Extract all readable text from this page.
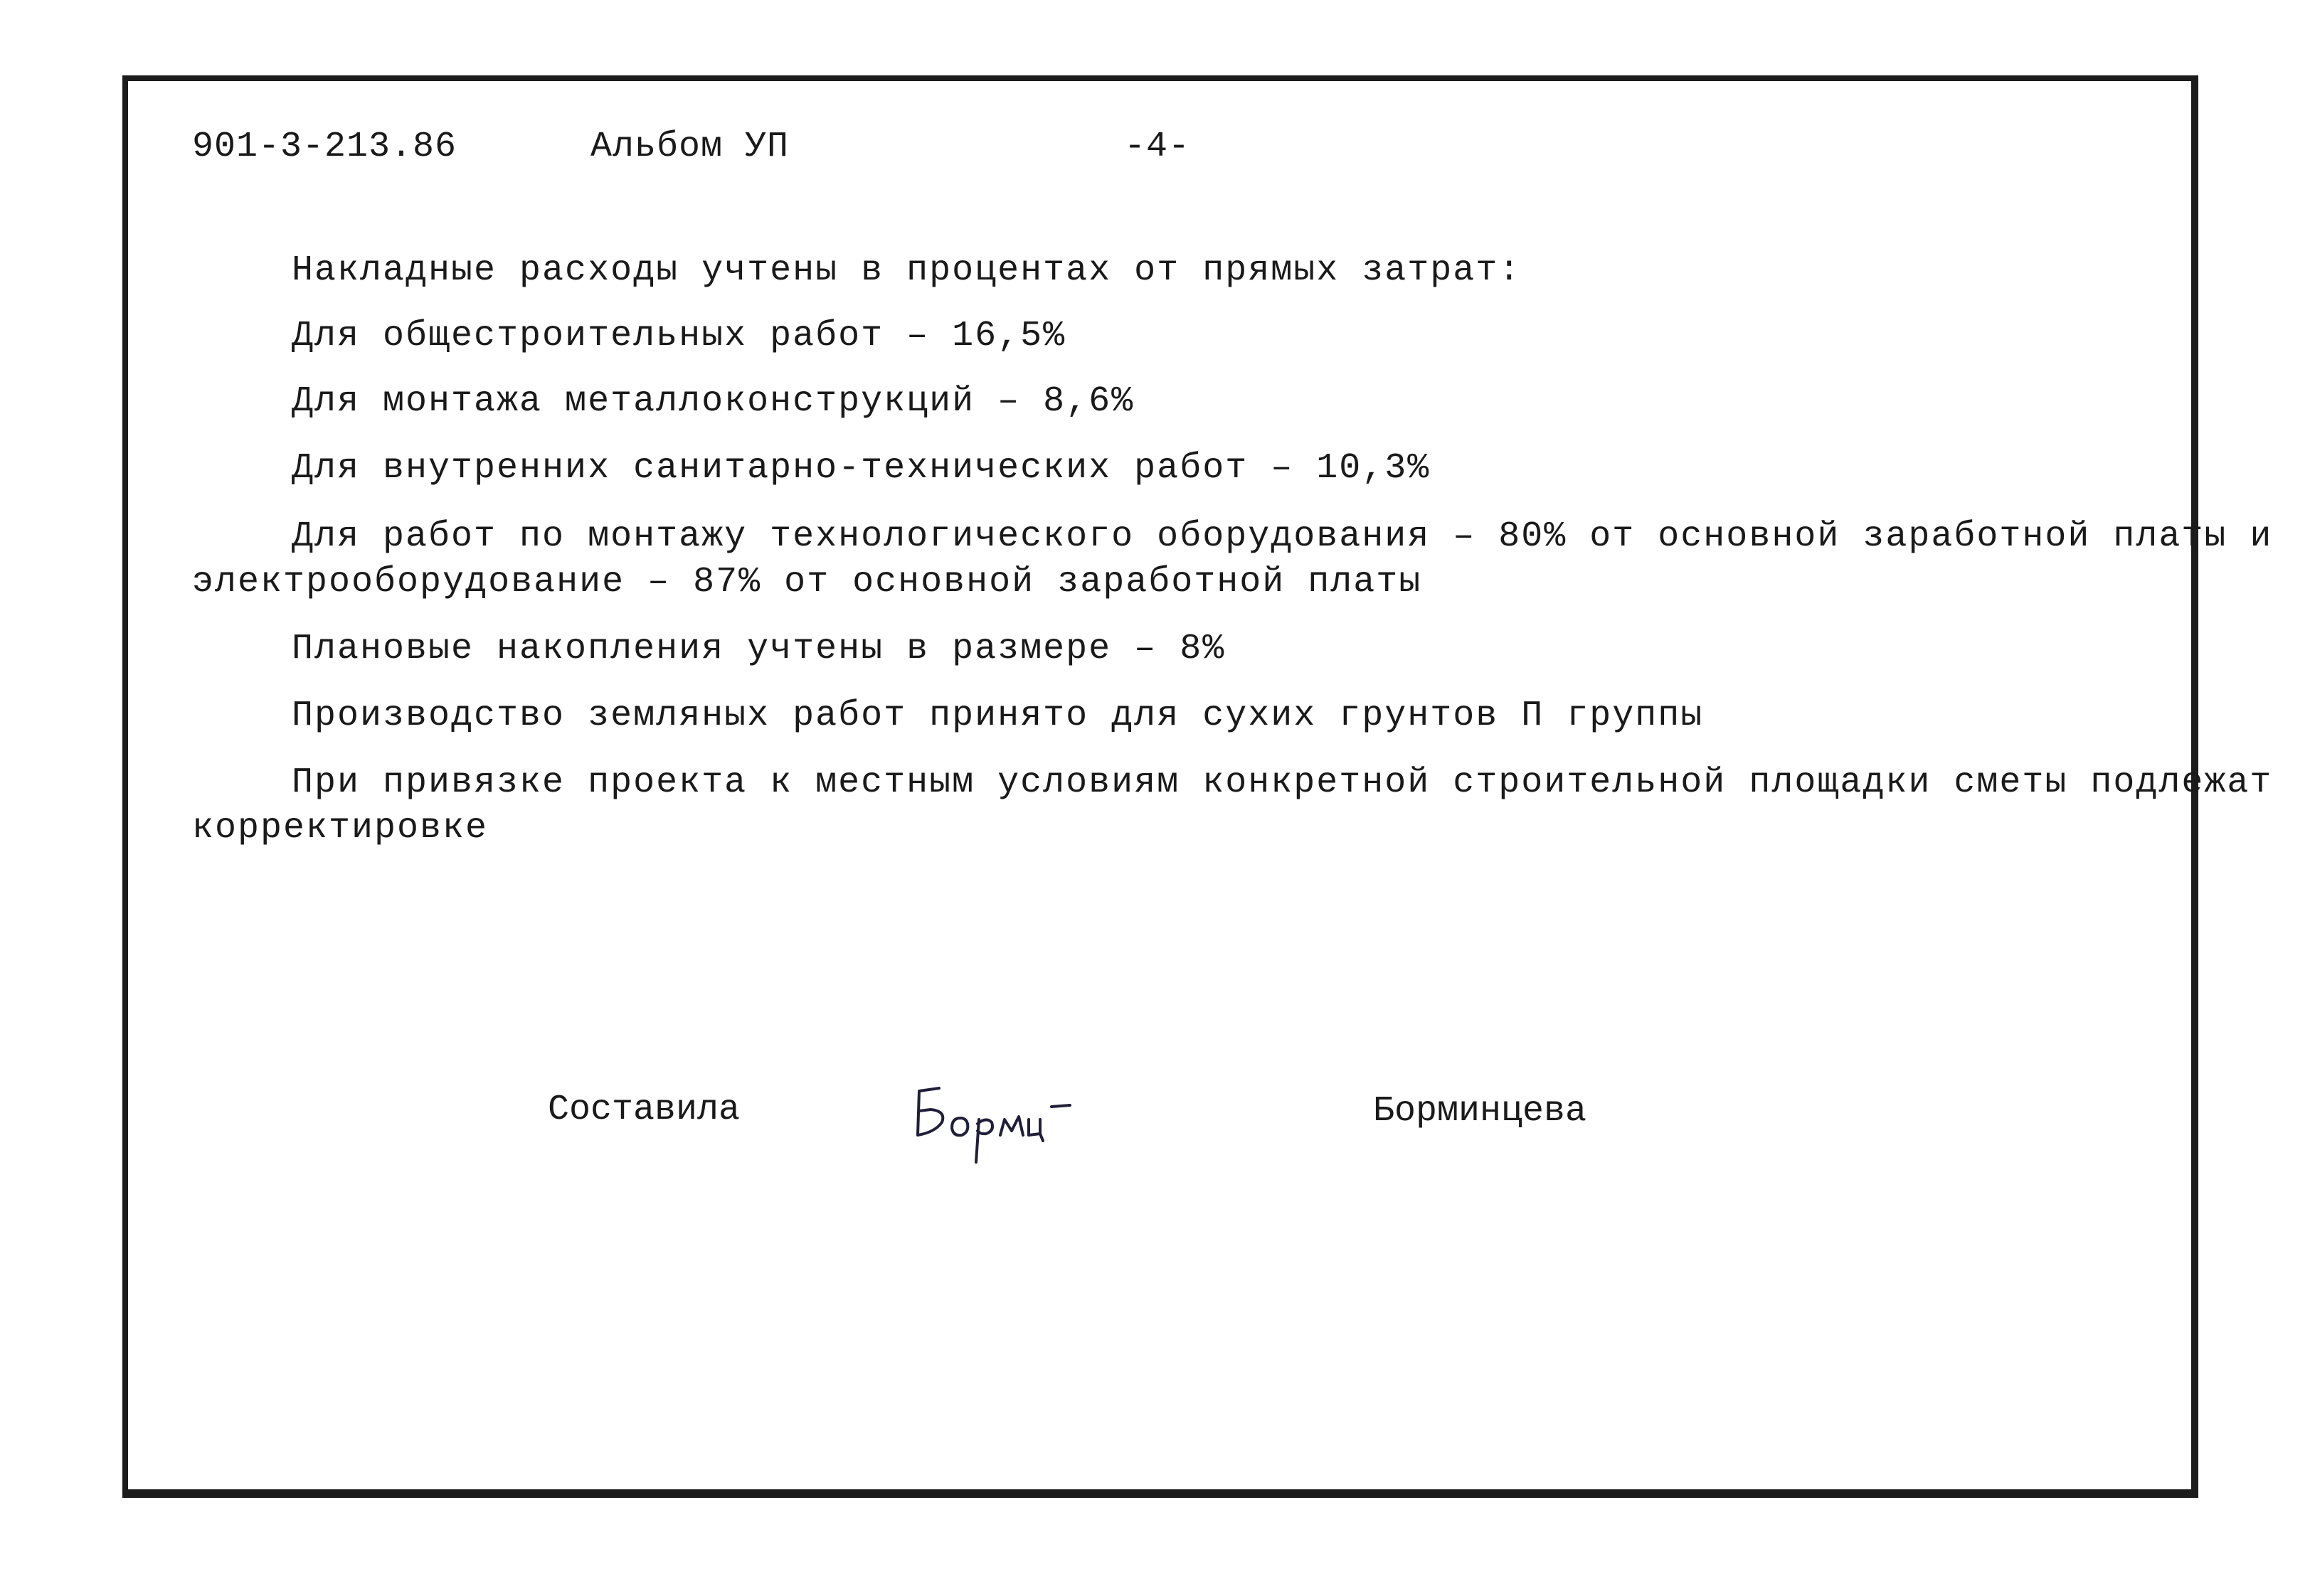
901-3-213.86	Альбом УП	-4-
Накладные расходы учтены в процентах от прямых затрат:
Для общестроительных работ – 16,5%
Для монтажа металлоконструкций – 8,6%
Для внутренних санитарно-технических работ – 10,3%
Для работ по монтажу технологического оборудования – 80% от основной заработной платы и
электрооборудование – 87% от основной заработной платы
Плановые накопления учтены в размере – 8%
Производство земляных работ принято для сухих грунтов П группы
При привязке проекта к местным условиям конкретной строительной площадки сметы подлежат
корректировке
Составила	Борминцева
